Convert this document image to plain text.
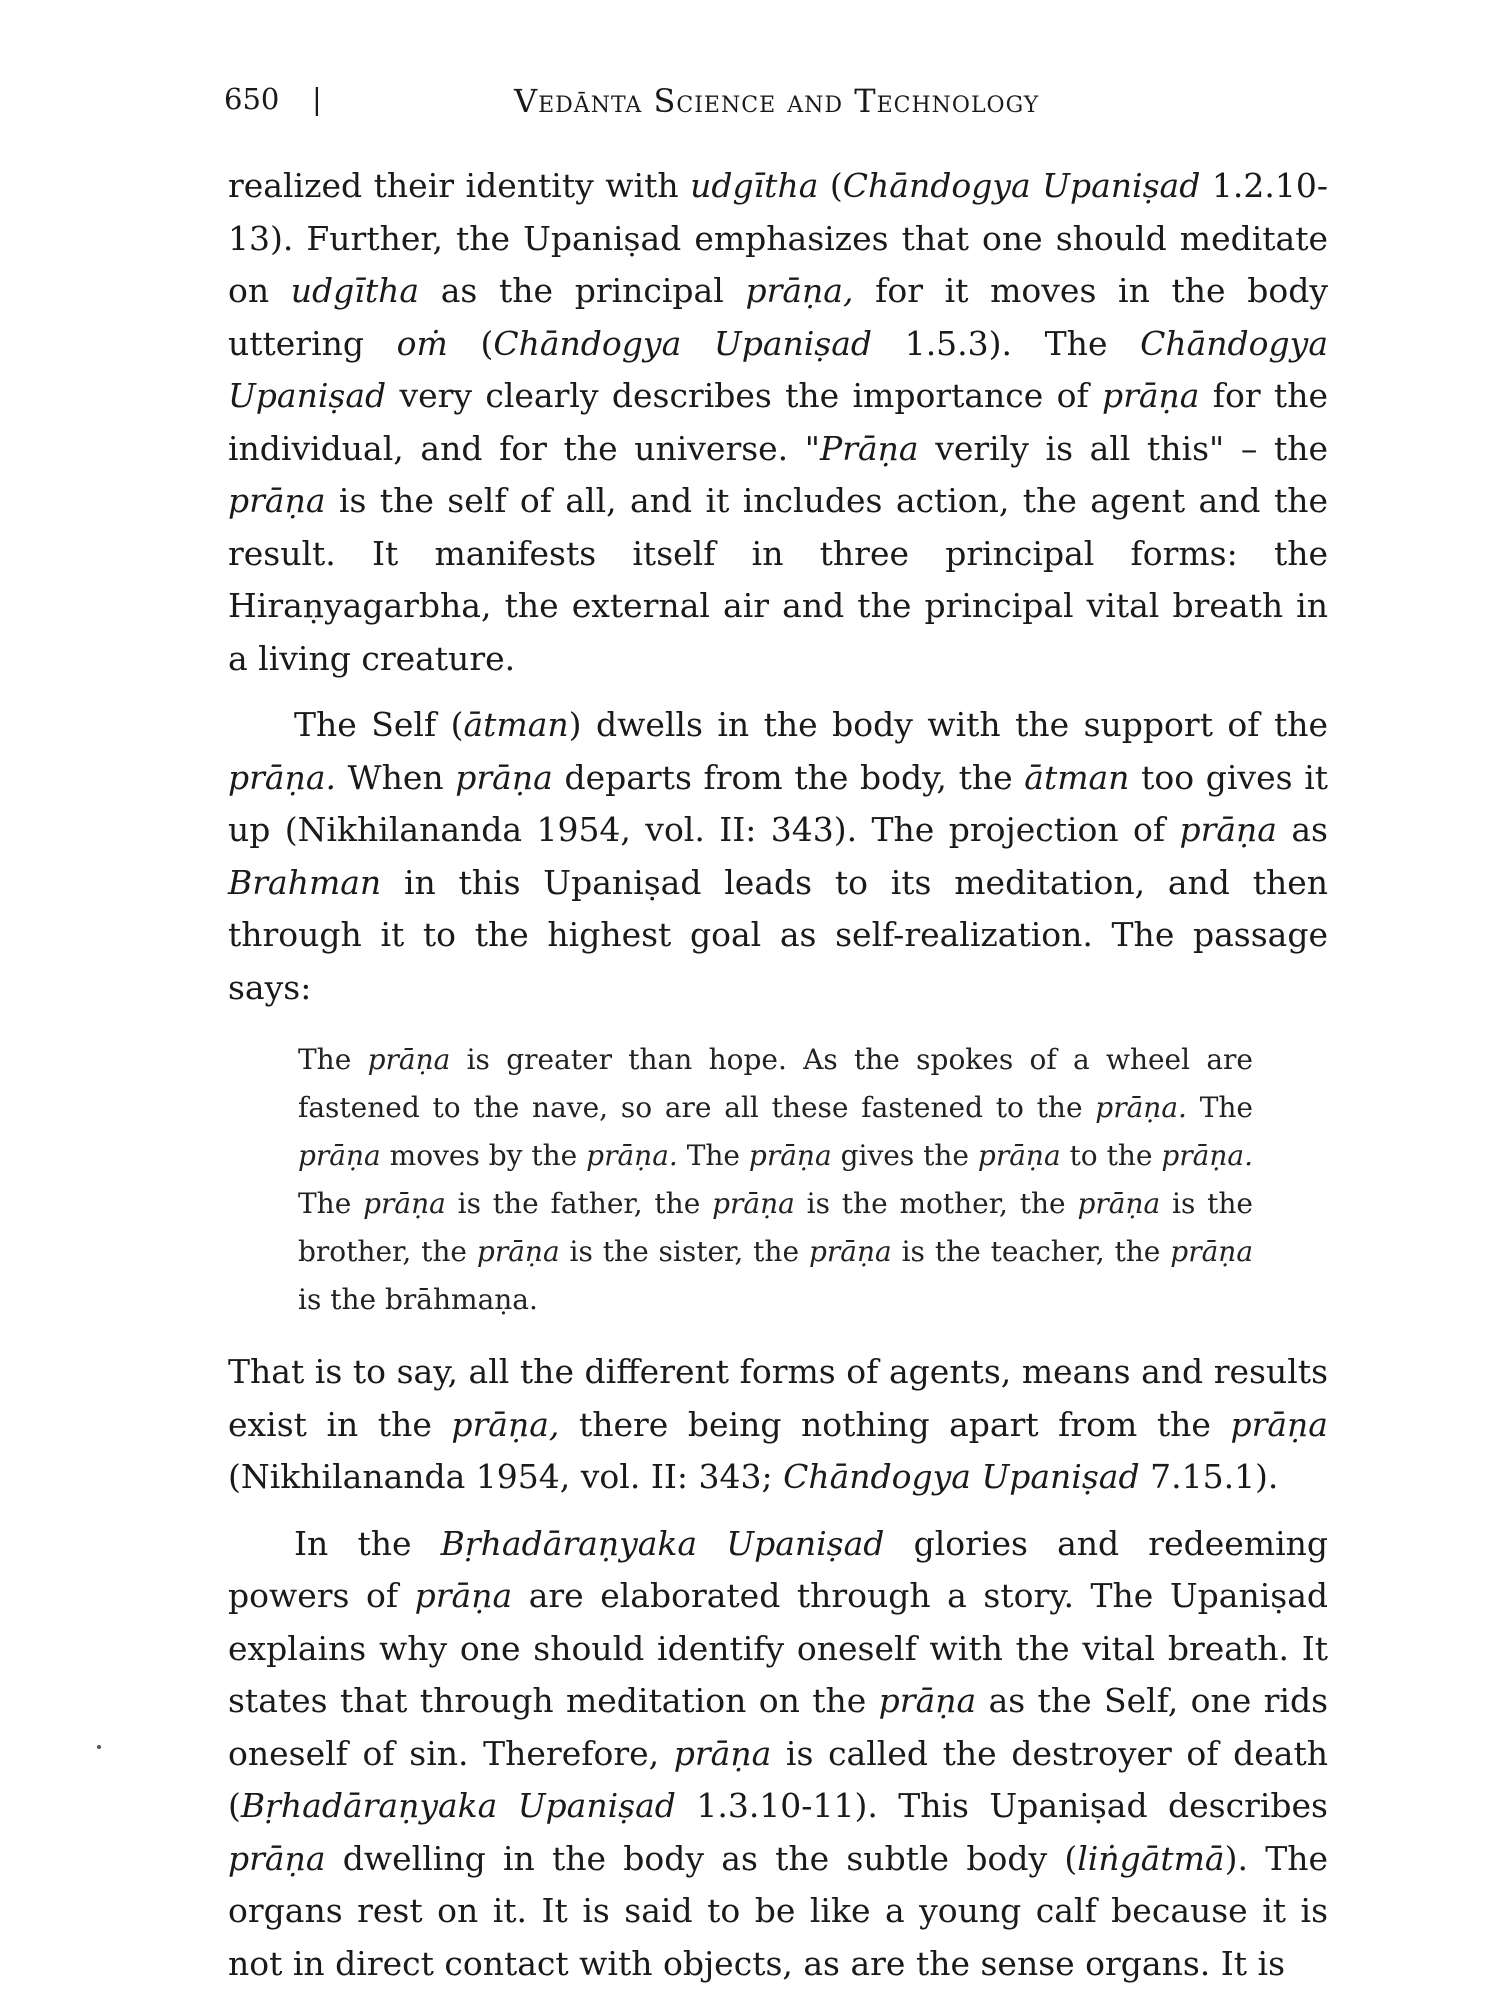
650 |	Vedānta Science and Technology

realized their identity with udgītha (Chāndogya Upaniṣad 1.2.10-13). Further, the Upaniṣad emphasizes that one should meditate on udgītha as the principal prāṇa, for it moves in the body uttering oṁ (Chāndogya Upaniṣad 1.5.3). The Chāndogya Upaniṣad very clearly describes the importance of prāṇa for the individual, and for the universe. "Prāṇa verily is all this" – the prāṇa is the self of all, and it includes action, the agent and the result. It manifests itself in three principal forms: the Hiraṇyagarbha, the external air and the principal vital breath in a living creature.

The Self (ātman) dwells in the body with the support of the prāṇa. When prāṇa departs from the body, the ātman too gives it up (Nikhilananda 1954, vol. II: 343). The projection of prāṇa as Brahman in this Upaniṣad leads to its meditation, and then through it to the highest goal as self-realization. The passage says:

The prāṇa is greater than hope. As the spokes of a wheel are fastened to the nave, so are all these fastened to the prāṇa. The prāṇa moves by the prāṇa. The prāṇa gives the prāṇa to the prāṇa. The prāṇa is the father, the prāṇa is the mother, the prāṇa is the brother, the prāṇa is the sister, the prāṇa is the teacher, the prāṇa is the brāhmaṇa.

That is to say, all the different forms of agents, means and results exist in the prāṇa, there being nothing apart from the prāṇa (Nikhilananda 1954, vol. II: 343; Chāndogya Upaniṣad 7.15.1).

In the Bṛhadāraṇyaka Upaniṣad glories and redeeming powers of prāṇa are elaborated through a story. The Upaniṣad explains why one should identify oneself with the vital breath. It states that through meditation on the prāṇa as the Self, one rids oneself of sin. Therefore, prāṇa is called the destroyer of death (Bṛhadāraṇyaka Upaniṣad 1.3.10-11). This Upaniṣad describes prāṇa dwelling in the body as the subtle body (liṅgātmā). The organs rest on it. It is said to be like a young calf because it is not in direct contact with objects, as are the sense organs. It is
